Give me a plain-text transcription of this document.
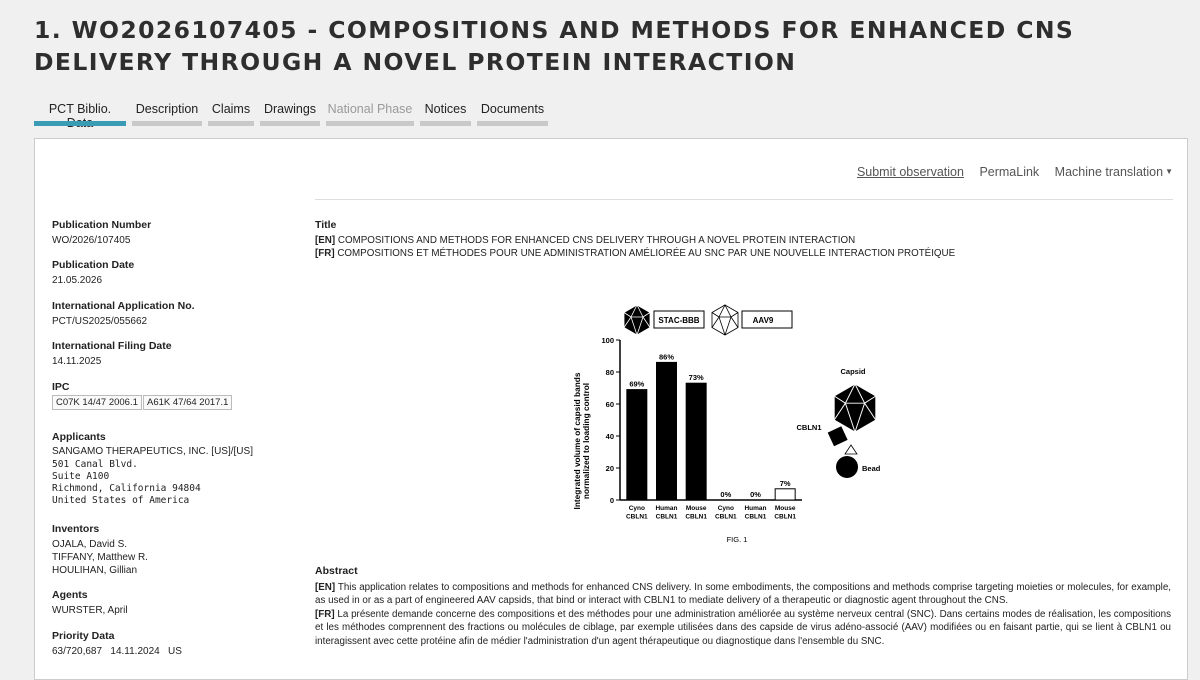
1. WO2026107405 - COMPOSITIONS AND METHODS FOR ENHANCED CNS DELIVERY THROUGH A NOVEL PROTEIN INTERACTION
PCT Biblio.	Description	Claims	Drawings National Phase Notices	Documents
Submit observation PermaLink Machine translation ▼
Publication Number
WO/2026/107405
Publication Date
21.05.2026
International Application No.
PCT/US2025/055662
International Filing Date
14.11.2025
IPC
C07K 14/47 2006.1 A61K 47/64 2017.1
Applicants
SANGAMO THERAPEUTICS, INC. [US]/[US]
501 Canal Blvd.
Suite A100
Richmond, California 94804
United States of America
Inventors
OJALA, David S.
TIFFANY, Matthew R.
HOULIHAN, Gillian
Agents
WURSTER, April
Priority Data
63/720,687   14.11.2024   US
Title
[EN] COMPOSITIONS AND METHODS FOR ENHANCED CNS DELIVERY THROUGH A NOVEL PROTEIN INTERACTION
[FR] COMPOSITIONS ET MÉTHODES POUR UNE ADMINISTRATION AMÉLIORÉE AU SNC PAR UNE NOUVELLE INTERACTION PROTÉIQUE
STAC-BBB	AAV9
Integrated volume of capsid bands normalized to loading control
0
20
40
60
80
100
69%
Cyno
CBLN1
86%
Human
CBLN1
73%
Mouse
CBLN1
0%
Cyno
CBLN1
0%
Human
CBLN1
7%
Mouse
CBLN1
Capsid
CBLN1
Bead
FIG. 1
Abstract
[EN] This application relates to compositions and methods for enhanced CNS delivery. In some embodiments, the compositions and methods comprise targeting moieties or molecules, for example, as used in or as a part of engineered AAV capsids, that bind or interact with CBLN1 to mediate delivery of a therapeutic or diagnostic agent throughout the CNS.
[FR] La présente demande concerne des compositions et des méthodes pour une administration améliorée au système nerveux central (SNC). Dans certains modes de réalisation, les compositions et les méthodes comprennent des fractions ou molécules de ciblage, par exemple utilisées dans des capside de virus adéno-associé (AAV) modifiées ou en faisant partie, qui se lient à CBLN1 ou interagissent avec cette protéine afin de médier l'administration d'un agent thérapeutique ou diagnostique dans l'ensemble du SNC.
